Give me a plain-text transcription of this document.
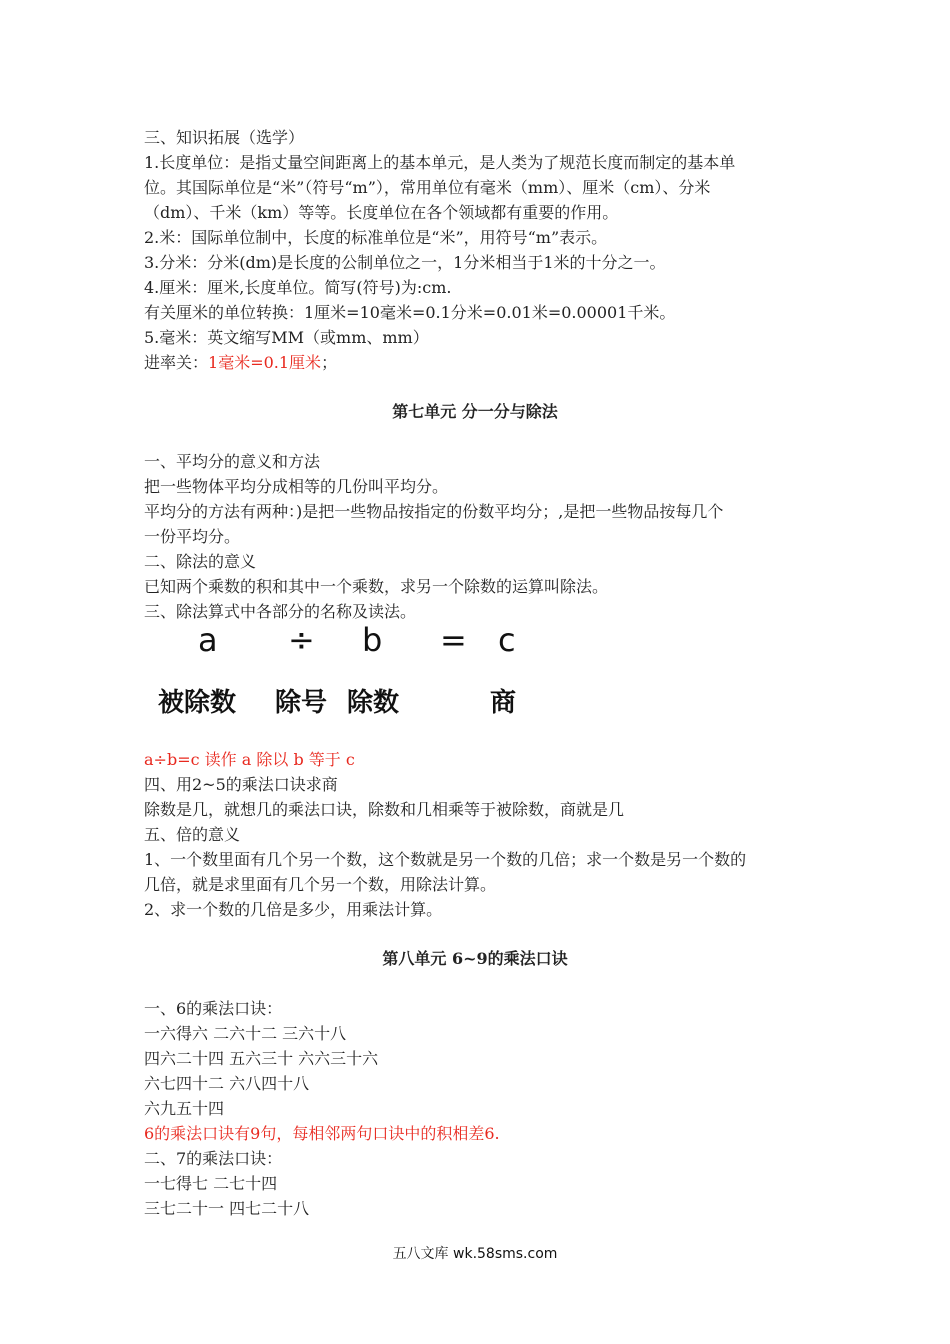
三、知识拓展（选学）
1.长度单位：是指丈量空间距离上的基本单元，是人类为了规范长度而制定的基本单
位。其国际单位是“米”（符号“m”），常用单位有毫米（mm）、厘米（cm）、分米
（dm）、千米（km）等等。长度单位在各个领域都有重要的作用。
2.米：国际单位制中，长度的标准单位是“米”，用符号“m”表示。
3.分米：分米(dm)是长度的公制单位之一，1分米相当于1米的十分之一。
4.厘米：厘米,长度单位。简写(符号)为:cm.
有关厘米的单位转换：1厘米=10毫米=0.1分米=0.01米=0.00001千米。
5.毫米：英文缩写MM（或mm、mm）
进率关：1毫米=0.1厘米；
第七单元 分一分与除法
一、平均分的意义和方法
把一些物体平均分成相等的几份叫平均分。
平均分的方法有两种：)是把一些物品按指定的份数平均分；,是把一些物品按每几个
一份平均分。
二、除法的意义
已知两个乘数的积和其中一个乘数，求另一个除数的运算叫除法。
三、除法算式中各部分的名称及读法。
a ÷ b = c
被除数 除号 除数	商
a÷b=c 读作 a 除以 b 等于 c
四、用2~5的乘法口诀求商
除数是几，就想几的乘法口诀，除数和几相乘等于被除数，商就是几
五、倍的意义
1、一个数里面有几个另一个数，这个数就是另一个数的几倍；求一个数是另一个数的
几倍，就是求里面有几个另一个数，用除法计算。
2、求一个数的几倍是多少，用乘法计算。
第八单元 6~9的乘法口诀
一、6的乘法口诀：
一六得六 二六十二 三六十八
四六二十四 五六三十 六六三十六
六七四十二 六八四十八
六九五十四
6的乘法口诀有9句，每相邻两句口诀中的积相差6.
二、7的乘法口诀：
一七得七 二七十四
三七二十一 四七二十八
五八文库 wk.58sms.com
